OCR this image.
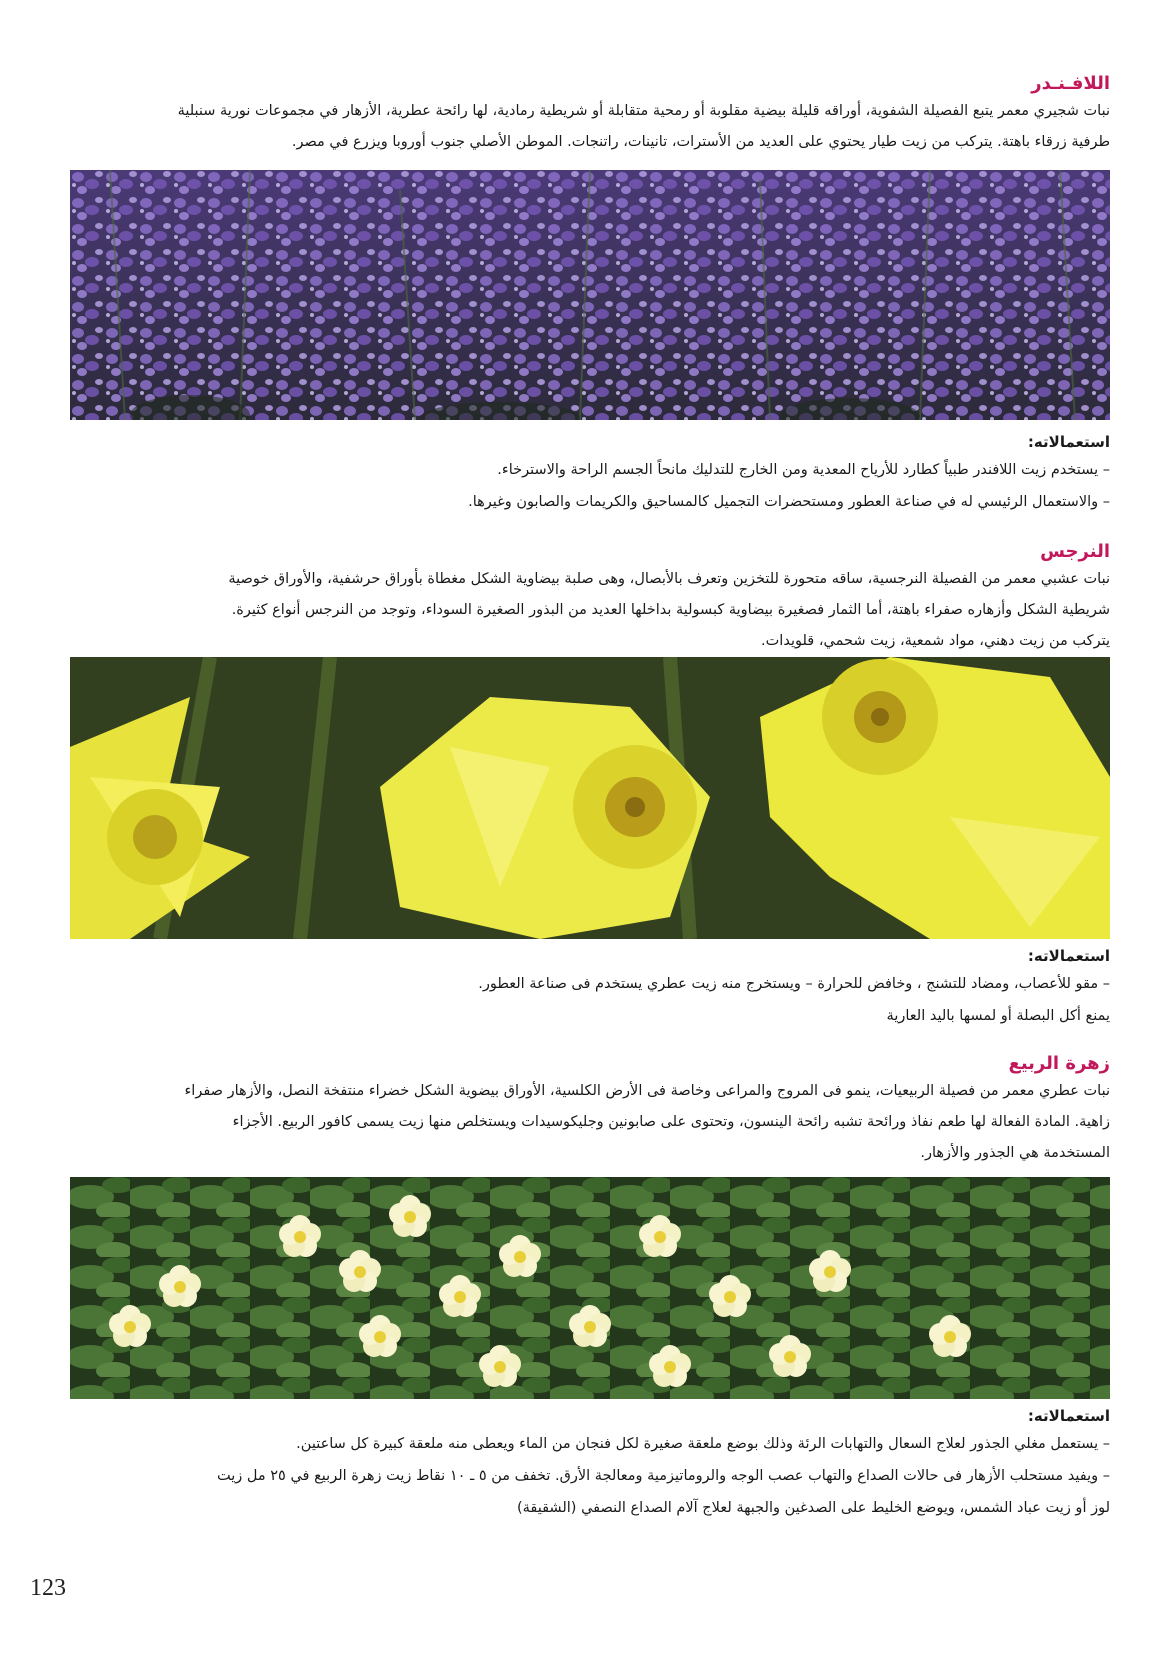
اللافـنـدر

نبات شجيري معمر يتبع الفصيلة الشفوية، أوراقه قليلة بيضية مقلوبة أو رمحية متقابلة أو شريطية رمادية، لها رائحة عطرية، الأزهار في مجموعات نورية سنبلية

طرفية زرقاء باهتة. يتركب من زيت طيار يحتوي على العديد من الأسترات، تانينات، راتنجات. الموطن الأصلي جنوب أوروبا ويزرع في مصر.

استعمالاته:

– يستخدم زيت اللافندر طبياً كطارد للأرياح المعدية ومن الخارج للتدليك مانحاً الجسم الراحة والاسترخاء.

– والاستعمال الرئيسي له في صناعة العطور ومستحضرات التجميل كالمساحيق والكريمات والصابون وغيرها.

النرجس

نبات عشبي معمر من الفصيلة النرجسية، ساقه متحورة للتخزين وتعرف بالأبصال، وهى صلبة بيضاوية الشكل مغطاة بأوراق حرشفية، والأوراق خوصية

شريطية الشكل وأزهاره صفراء باهتة، أما الثمار فصغيرة بيضاوية كبسولية بداخلها العديد من البذور الصغيرة السوداء، وتوجد من النرجس أنواع كثيرة.

يتركب من زيت دهني، مواد شمعية، زيت شحمي، قلويدات.

استعمالاته:

– مقو للأعصاب، ومضاد للتشنج ، وخافض للحرارة – ويستخرج منه زيت عطري يستخدم فى صناعة العطور.

يمنع أكل البصلة أو لمسها باليد العارية

زهرة الربيع

نبات عطري معمر من فصيلة الربيعيات، ينمو فى المروج والمراعى وخاصة فى الأرض الكلسية، الأوراق بيضوية الشكل خضراء منتفخة النصل، والأزهار صفراء

زاهية. المادة الفعالة لها طعم نفاذ ورائحة تشبه رائحة الينسون، وتحتوى على صابونين وجليكوسيدات ويستخلص منها زيت يسمى كافور الربيع. الأجزاء

المستخدمة هي الجذور والأزهار.

استعمالاته:

– يستعمل مغلي الجذور لعلاج السعال والتهابات الرئة وذلك بوضع ملعقة صغيرة لكل فنجان من الماء ويعطى منه ملعقة كبيرة كل ساعتين.

– ويفيد مستحلب الأزهار فى حالات الصداع والتهاب عصب الوجه والروماتيزمية ومعالجة الأرق. تخفف من ٥ ـ ١٠ نقاط زيت زهرة الربيع في ٢٥ مل زيت

لوز أو زيت عباد الشمس، ويوضع الخليط على الصدغين والجبهة لعلاج آلام الصداع النصفي (الشقيقة)

123
